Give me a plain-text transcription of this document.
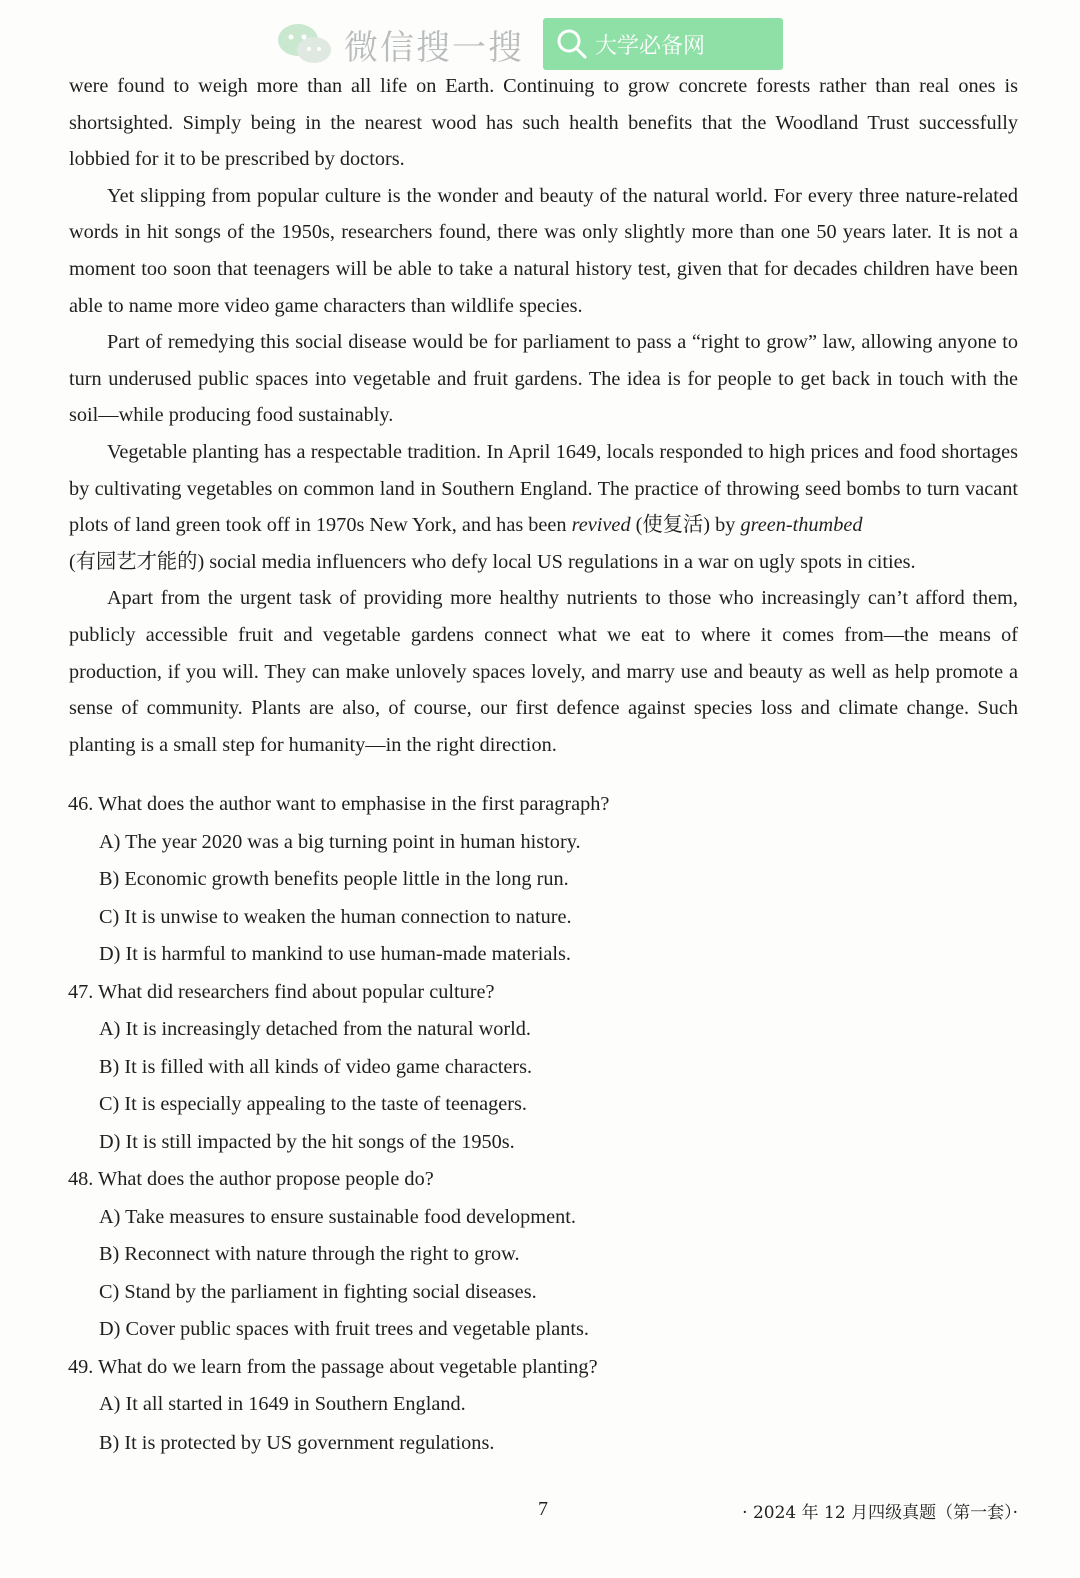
微信搜一搜	大学必备网

were found to weigh more than all life on Earth. Continuing to grow concrete forests rather than real ones is shortsighted. Simply being in the nearest wood has such health benefits that the Woodland Trust successfully lobbied for it to be prescribed by doctors.

Yet slipping from popular culture is the wonder and beauty of the natural world. For every three nature-related words in hit songs of the 1950s, researchers found, there was only slightly more than one 50 years later. It is not a moment too soon that teenagers will be able to take a natural history test, given that for decades children have been able to name more video game characters than wildlife species.

Part of remedying this social disease would be for parliament to pass a “right to grow” law, allowing anyone to turn underused public spaces into vegetable and fruit gardens. The idea is for people to get back in touch with the soil—while producing food sustainably.

Vegetable planting has a respectable tradition. In April 1649, locals responded to high prices and food shortages by cultivating vegetables on common land in Southern England. The practice of throwing seed bombs to turn vacant plots of land green took off in 1970s New York, and has been revived (使复活) by green-thumbed
(有园艺才能的) social media influencers who defy local US regulations in a war on ugly spots in cities.

Apart from the urgent task of providing more healthy nutrients to those who increasingly can’t afford them, publicly accessible fruit and vegetable gardens connect what we eat to where it comes from—the means of production, if you will. They can make unlovely spaces lovely, and marry use and beauty as well as help promote a sense of community. Plants are also, of course, our first defence against species loss and climate change. Such planting is a small step for humanity—in the right direction.

46. What does the author want to emphasise in the first paragraph?
A) The year 2020 was a big turning point in human history.
B) Economic growth benefits people little in the long run.
C) It is unwise to weaken the human connection to nature.
D) It is harmful to mankind to use human-made materials.
47. What did researchers find about popular culture?
A) It is increasingly detached from the natural world.
B) It is filled with all kinds of video game characters.
C) It is especially appealing to the taste of teenagers.
D) It is still impacted by the hit songs of the 1950s.
48. What does the author propose people do?
A) Take measures to ensure sustainable food development.
B) Reconnect with nature through the right to grow.
C) Stand by the parliament in fighting social diseases.
D) Cover public spaces with fruit trees and vegetable plants.
49. What do we learn from the passage about vegetable planting?
A) It all started in 1649 in Southern England.
B) It is protected by US government regulations.
7	· 2024 年 12 月四级真题（第一套）·
